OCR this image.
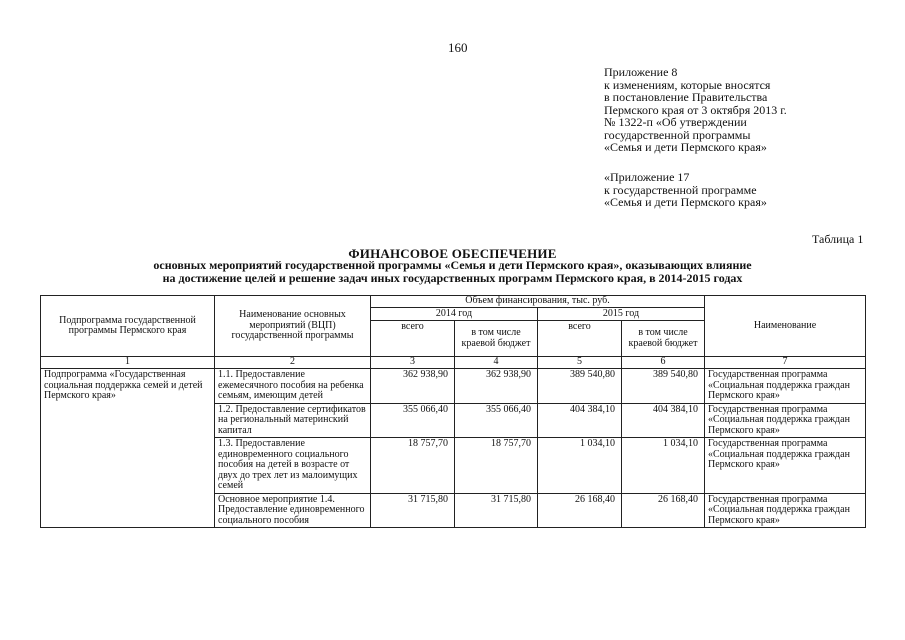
160
Приложение 8
к изменениям, которые вносятся
в постановление Правительства
Пермского края от 3 октября 2013 г.
№ 1322-п «Об утверждении
государственной программы
«Семья и дети Пермского края»
«Приложение 17
к государственной программе
«Семья и дети Пермского края»
Таблица 1
ФИНАНСОВОЕ ОБЕСПЕЧЕНИЕ
основных мероприятий государственной программы «Семья и дети Пермского края», оказывающих влияние
на достижение целей и решение задач иных государственных программ Пермского края, в 2014-2015 годах
Подпрограмма государственной программы Пермского края	Наименование основных мероприятий (ВЦП) государственной программы	Объем финансирования, тыс. руб.				Наименование
		2014 год		2015 год		
		всего	в том числе краевой бюджет	всего	в том числе краевой бюджет	
1	2	3	4	5	6	7
Подпрограмма «Государственная социальная поддержка семей и детей Пермского края»	1.1. Предоставление ежемесячного пособия на ребенка семьям, имеющим детей	362 938,90	362 938,90	389 540,80	389 540,80	Государственная программа «Социальная поддержка граждан Пермского края»
	1.2. Предоставление сертификатов на региональный материнский капитал	355 066,40	355 066,40	404 384,10	404 384,10	Государственная программа «Социальная поддержка граждан Пермского края»
	1.3. Предоставление единовременного социального пособия на детей в возрасте от двух до трех лет из малоимущих семей	18 757,70	18 757,70	1 034,10	1 034,10	Государственная программа «Социальная поддержка граждан Пермского края»
	Основное мероприятие 1.4. Предоставление единовременного социального пособия	31 715,80	31 715,80	26 168,40	26 168,40	Государственная программа «Социальная поддержка граждан Пермского края»
